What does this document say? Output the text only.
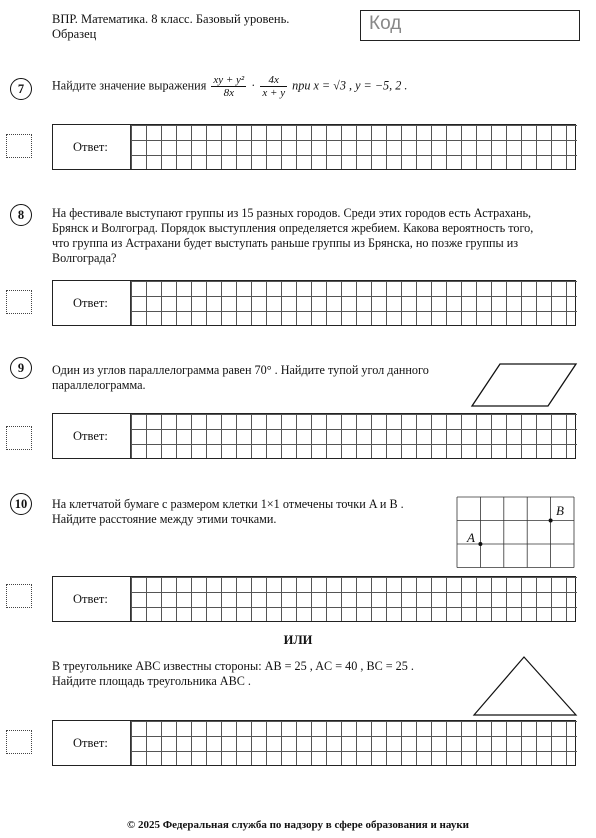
ВПР. Математика. 8 класс. Базовый уровень.
Образец	Код
7	Найдите значение выражения $\frac{\text{xy + y²}}{8x} \cdot \frac{4x}{x + y}$ при x = √3 , y = −5, 2 .
Ответ:
8	На фестивале выступают группы из 15 разных городов. Среди этих городов есть Астрахань,
Брянск и Волгоград. Порядок выступления определяется жребием. Какова вероятность того,
что группа из Астрахани будет выступать раньше группы из Брянска, но позже группы из
Волгограда?
Ответ:
9	Один из углов параллелограмма равен 70° . Найдите тупой угол данного
параллелограмма.
Ответ:
10	На клетчатой бумаге с размером клетки 1×1 отмечены точки A и B .
Найдите расстояние между этими точками.
A
B
Ответ:
ИЛИ
В треугольнике ABC известны стороны: AB = 25 , AC = 40 , BC = 25 .
Найдите площадь треугольника ABC .
Ответ:
© 2025 Федеральная служба по надзору в сфере образования и науки
